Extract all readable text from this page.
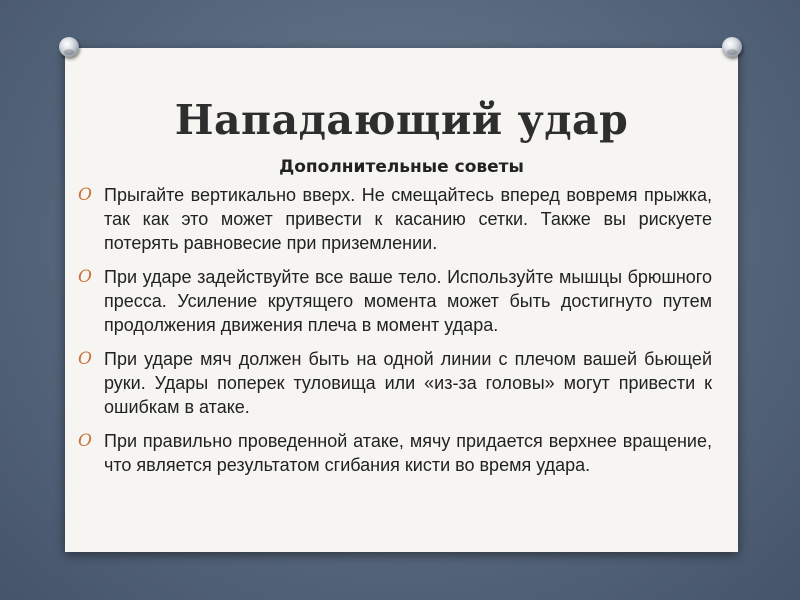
Нападающий удар

Дополнительные советы

O Прыгайте вертикально вверх. Не смещайтесь вперед вовремя прыжка, так как это может привести к касанию сетки. Также вы рискуете потерять равновесие при приземлении.
O При ударе задействуйте все ваше тело. Используйте мышцы брюшного пресса. Усиление крутящего момента может быть достигнуто путем продолжения движения плеча в момент удара.
O При ударе мяч должен быть на одной линии с плечом вашей бьющей руки. Удары поперек туловища или «из-за головы» могут привести к ошибкам в атаке.
O При правильно проведенной атаке, мячу придается верхнее вращение, что является результатом сгибания кисти во время удара.
